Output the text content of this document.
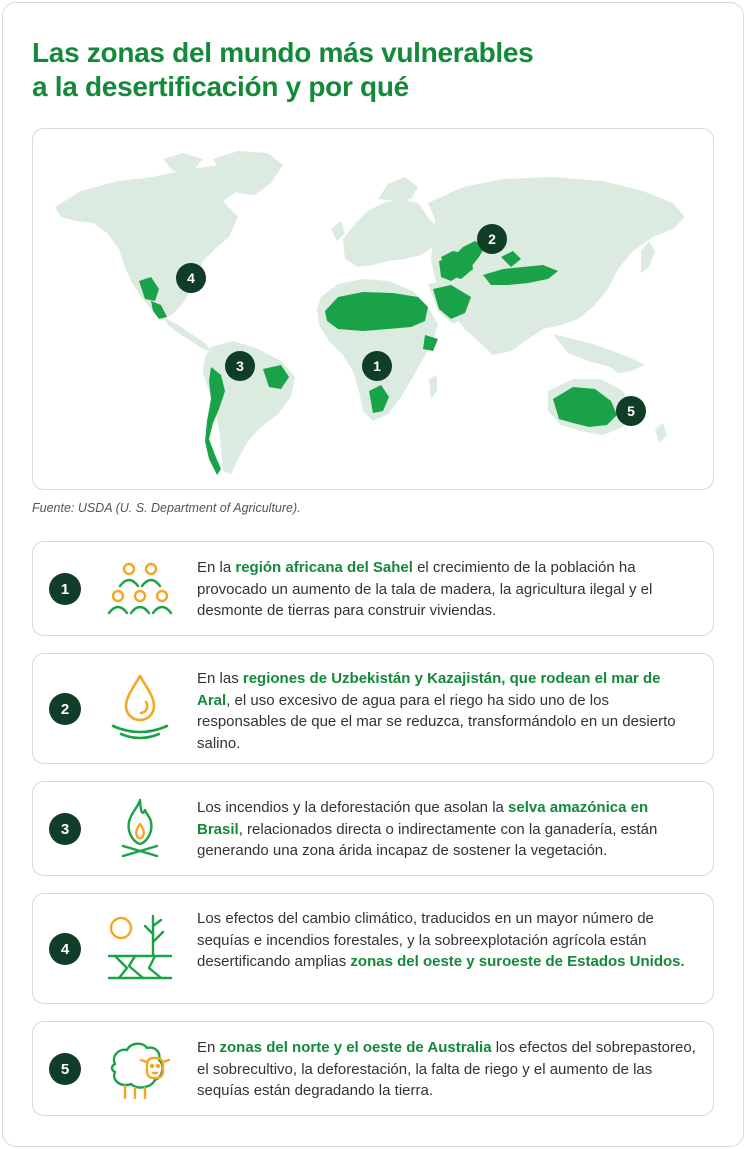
Las zonas del mundo más vulnerables
a la desertificación y por qué
1
2
3
4
5
Fuente: USDA (U. S. Department of Agriculture).
1
En la región africana del Sahel el crecimiento de la población ha provocado un aumento de la tala de madera, la agricultura ilegal y el desmonte de tierras para construir viviendas.
2
En las regiones de Uzbekistán y Kazajistán, que rodean el mar de Aral, el uso excesivo de agua para el riego ha sido uno de los responsables de que el mar se reduzca, transformándolo en un desierto salino.
3
Los incendios y la deforestación que asolan la selva amazónica en Brasil, relacionados directa o indirectamente con la ganadería, están generando una zona árida incapaz de sostener la vegetación.
4
Los efectos del cambio climático, traducidos en un mayor número de sequías e incendios forestales, y la sobreexplotación agrícola están desertificando amplias zonas del oeste y suroeste de Estados Unidos.
5
En zonas del norte y el oeste de Australia los efectos del sobrepastoreo, el sobrecultivo, la deforestación, la falta de riego y el aumento de las sequías están degradando la tierra.
